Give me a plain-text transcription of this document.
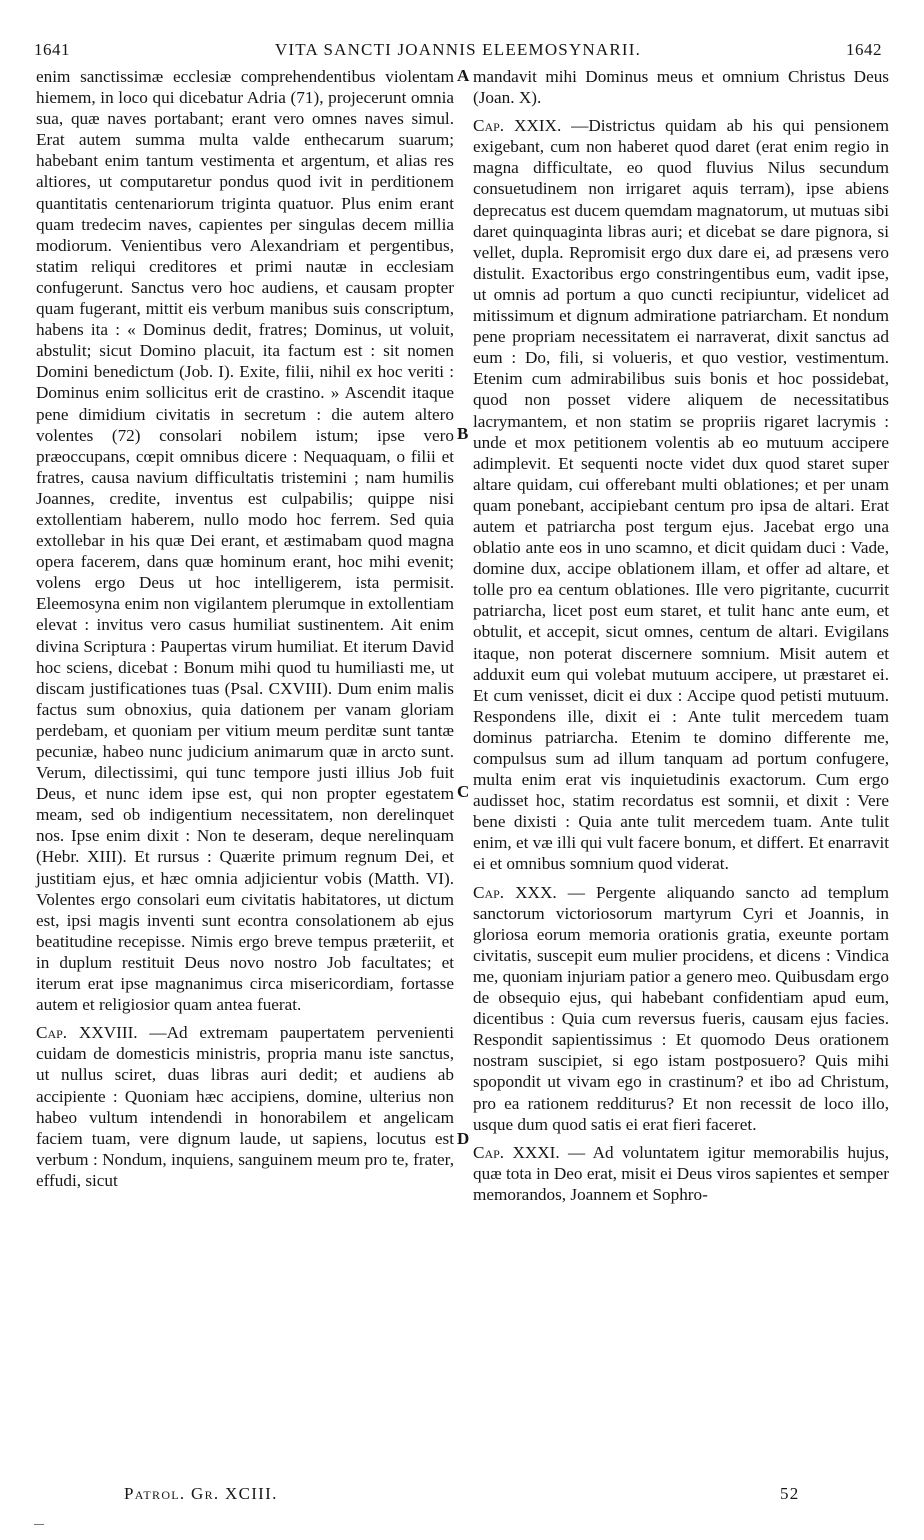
1641	VITA SANCTI JOANNIS ELEEMOSYNARII.	1642

enim sanctissimæ ecclesiæ comprehendentibus violentam hiemem, in loco qui dicebatur Adria (71), projecerunt omnia sua, quæ naves portabant; erant vero omnes naves simul. Erat autem summa multa valde enthecarum suarum; habebant enim tantum vestimenta et argentum, et alias res altiores, ut computaretur pondus quod ivit in perditionem quantitatis centenariorum triginta quatuor. Plus enim erant quam tredecim naves, capientes per singulas decem millia modiorum. Venientibus vero Alexandriam et pergentibus, statim reliqui creditores et primi nautæ in ecclesiam confugerunt. Sanctus vero hoc audiens, et causam propter quam fugerant, mittit eis verbum manibus suis conscriptum, habens ita : « Dominus dedit, fratres; Dominus, ut voluit, abstulit; sicut Domino placuit, ita factum est : sit nomen Domini benedictum (Job. I). Exite, filii, nihil ex hoc veriti : Dominus enim sollicitus erit de crastino. » Ascendit itaque pene dimidium civitatis in secretum : die autem altero volentes (72) consolari nobilem istum; ipse vero præoccupans, cœpit omnibus dicere : Nequaquam, o filii et fratres, causa navium difficultatis tristemini ; nam humilis Joannes, credite, inventus est culpabilis; quippe nisi extollentiam haberem, nullo modo hoc ferrem. Sed quia extollebar in his quæ Dei erant, et æstimabam quod magna opera facerem, dans quæ hominum erant, hoc mihi evenit; volens ergo Deus ut hoc intelligerem, ista permisit. Eleemosyna enim non vigilantem plerumque in extollentiam elevat : invitus vero casus humiliat sustinentem. Ait enim divina Scriptura : Paupertas virum humiliat. Et iterum David hoc sciens, dicebat : Bonum mihi quod tu humiliasti me, ut discam justificationes tuas (Psal. CXVIII). Dum enim malis factus sum obnoxius, quia dationem per vanam gloriam perdebam, et quoniam per vitium meum perditæ sunt tantæ pecuniæ, habeo nunc judicium animarum quæ in arcto sunt. Verum, dilectissimi, qui tunc tempore justi illius Job fuit Deus, et nunc idem ipse est, qui non propter egestatem meam, sed ob indigentium necessitatem, non derelinquet nos. Ipse enim dixit : Non te deseram, deque nerelinquam (Hebr. XIII). Et rursus : Quærite primum regnum Dei, et justitiam ejus, et hæc omnia adjicientur vobis (Matth. VI). Volentes ergo consolari eum civitatis habitatores, ut dictum est, ipsi magis inventi sunt econtra consolationem ab ejus beatitudine recepisse. Nimis ergo breve tempus præteriit, et in duplum restituit Deus novo nostro Job facultates; et iterum erat ipse magnanimus circa misericordiam, fortasse autem et religiosior quam antea fuerat.

Cap. XXVIII. —Ad extremam paupertatem pervenienti cuidam de domesticis ministris, propria manu iste sanctus, ut nullus sciret, duas libras auri dedit; et audiens ab accipiente : Quoniam hæc accipiens, domine, ulterius non habeo vultum intendendi in honorabilem et angelicam faciem tuam, vere dignum laude, ut sapiens, locutus est verbum : Nondum, inquiens, sanguinem meum pro te, frater, effudi, sicut

A
B
C
D

mandavit mihi Dominus meus et omnium Christus Deus (Joan. X).

Cap. XXIX. —Districtus quidam ab his qui pensionem exigebant, cum non haberet quod daret (erat enim regio in magna difficultate, eo quod fluvius Nilus secundum consuetudinem non irrigaret aquis terram), ipse abiens deprecatus est ducem quemdam magnatorum, ut mutuas sibi daret quinquaginta libras auri; et dicebat se dare pignora, si vellet, dupla. Repromisit ergo dux dare ei, ad præsens vero distulit. Exactoribus ergo constringentibus eum, vadit ipse, ut omnis ad portum a quo cuncti recipiuntur, videlicet ad mitissimum et dignum admiratione patriarcham. Et nondum pene propriam necessitatem ei narraverat, dixit sanctus ad eum : Do, fili, si volueris, et quo vestior, vestimentum. Etenim cum admirabilibus suis bonis et hoc possidebat, quod non posset videre aliquem de necessitatibus lacrymantem, et non statim se propriis rigaret lacrymis : unde et mox petitionem volentis ab eo mutuum accipere adimplevit. Et sequenti nocte videt dux quod staret super altare quidam, cui offerebant multi oblationes; et per unam quam ponebant, accipiebant centum pro ipsa de altari. Erat autem et patriarcha post tergum ejus. Jacebat ergo una oblatio ante eos in uno scamno, et dicit quidam duci : Vade, domine dux, accipe oblationem illam, et offer ad altare, et tolle pro ea centum oblationes. Ille vero pigritante, cucurrit patriarcha, licet post eum staret, et tulit hanc ante eum, et obtulit, et accepit, sicut omnes, centum de altari. Evigilans itaque, non poterat discernere somnium. Misit autem et adduxit eum qui volebat mutuum accipere, ut præstaret ei. Et cum venisset, dicit ei dux : Accipe quod petisti mutuum. Respondens ille, dixit ei : Ante tulit mercedem tuam dominus patriarcha. Etenim te domino differente me, compulsus sum ad illum tanquam ad portum confugere, multa enim erat vis inquietudinis exactorum. Cum ergo audisset hoc, statim recordatus est somnii, et dixit : Vere bene dixisti : Quia ante tulit mercedem tuam. Ante tulit enim, et væ illi qui vult facere bonum, et differt. Et enarravit ei et omnibus somnium quod viderat.

Cap. XXX. — Pergente aliquando sancto ad templum sanctorum victoriosorum martyrum Cyri et Joannis, in gloriosa eorum memoria orationis gratia, exeunte portam civitatis, suscepit eum mulier procidens, et dicens : Vindica me, quoniam injuriam patior a genero meo. Quibusdam ergo de obsequio ejus, qui habebant confidentiam apud eum, dicentibus : Quia cum reversus fueris, causam ejus facies. Respondit sapientissimus : Et quomodo Deus orationem nostram suscipiet, si ego istam postposuero? Quis mihi spopondit ut vivam ego in crastinum? et ibo ad Christum, pro ea rationem redditurus? Et non recessit de loco illo, usque dum quod satis ei erat fieri faceret.

Cap. XXXI. — Ad voluntatem igitur memorabilis hujus, quæ tota in Deo erat, misit ei Deus viros sapientes et semper memorandos, Joannem et Sophro-

Patrol. Gr. XCIII.	52
